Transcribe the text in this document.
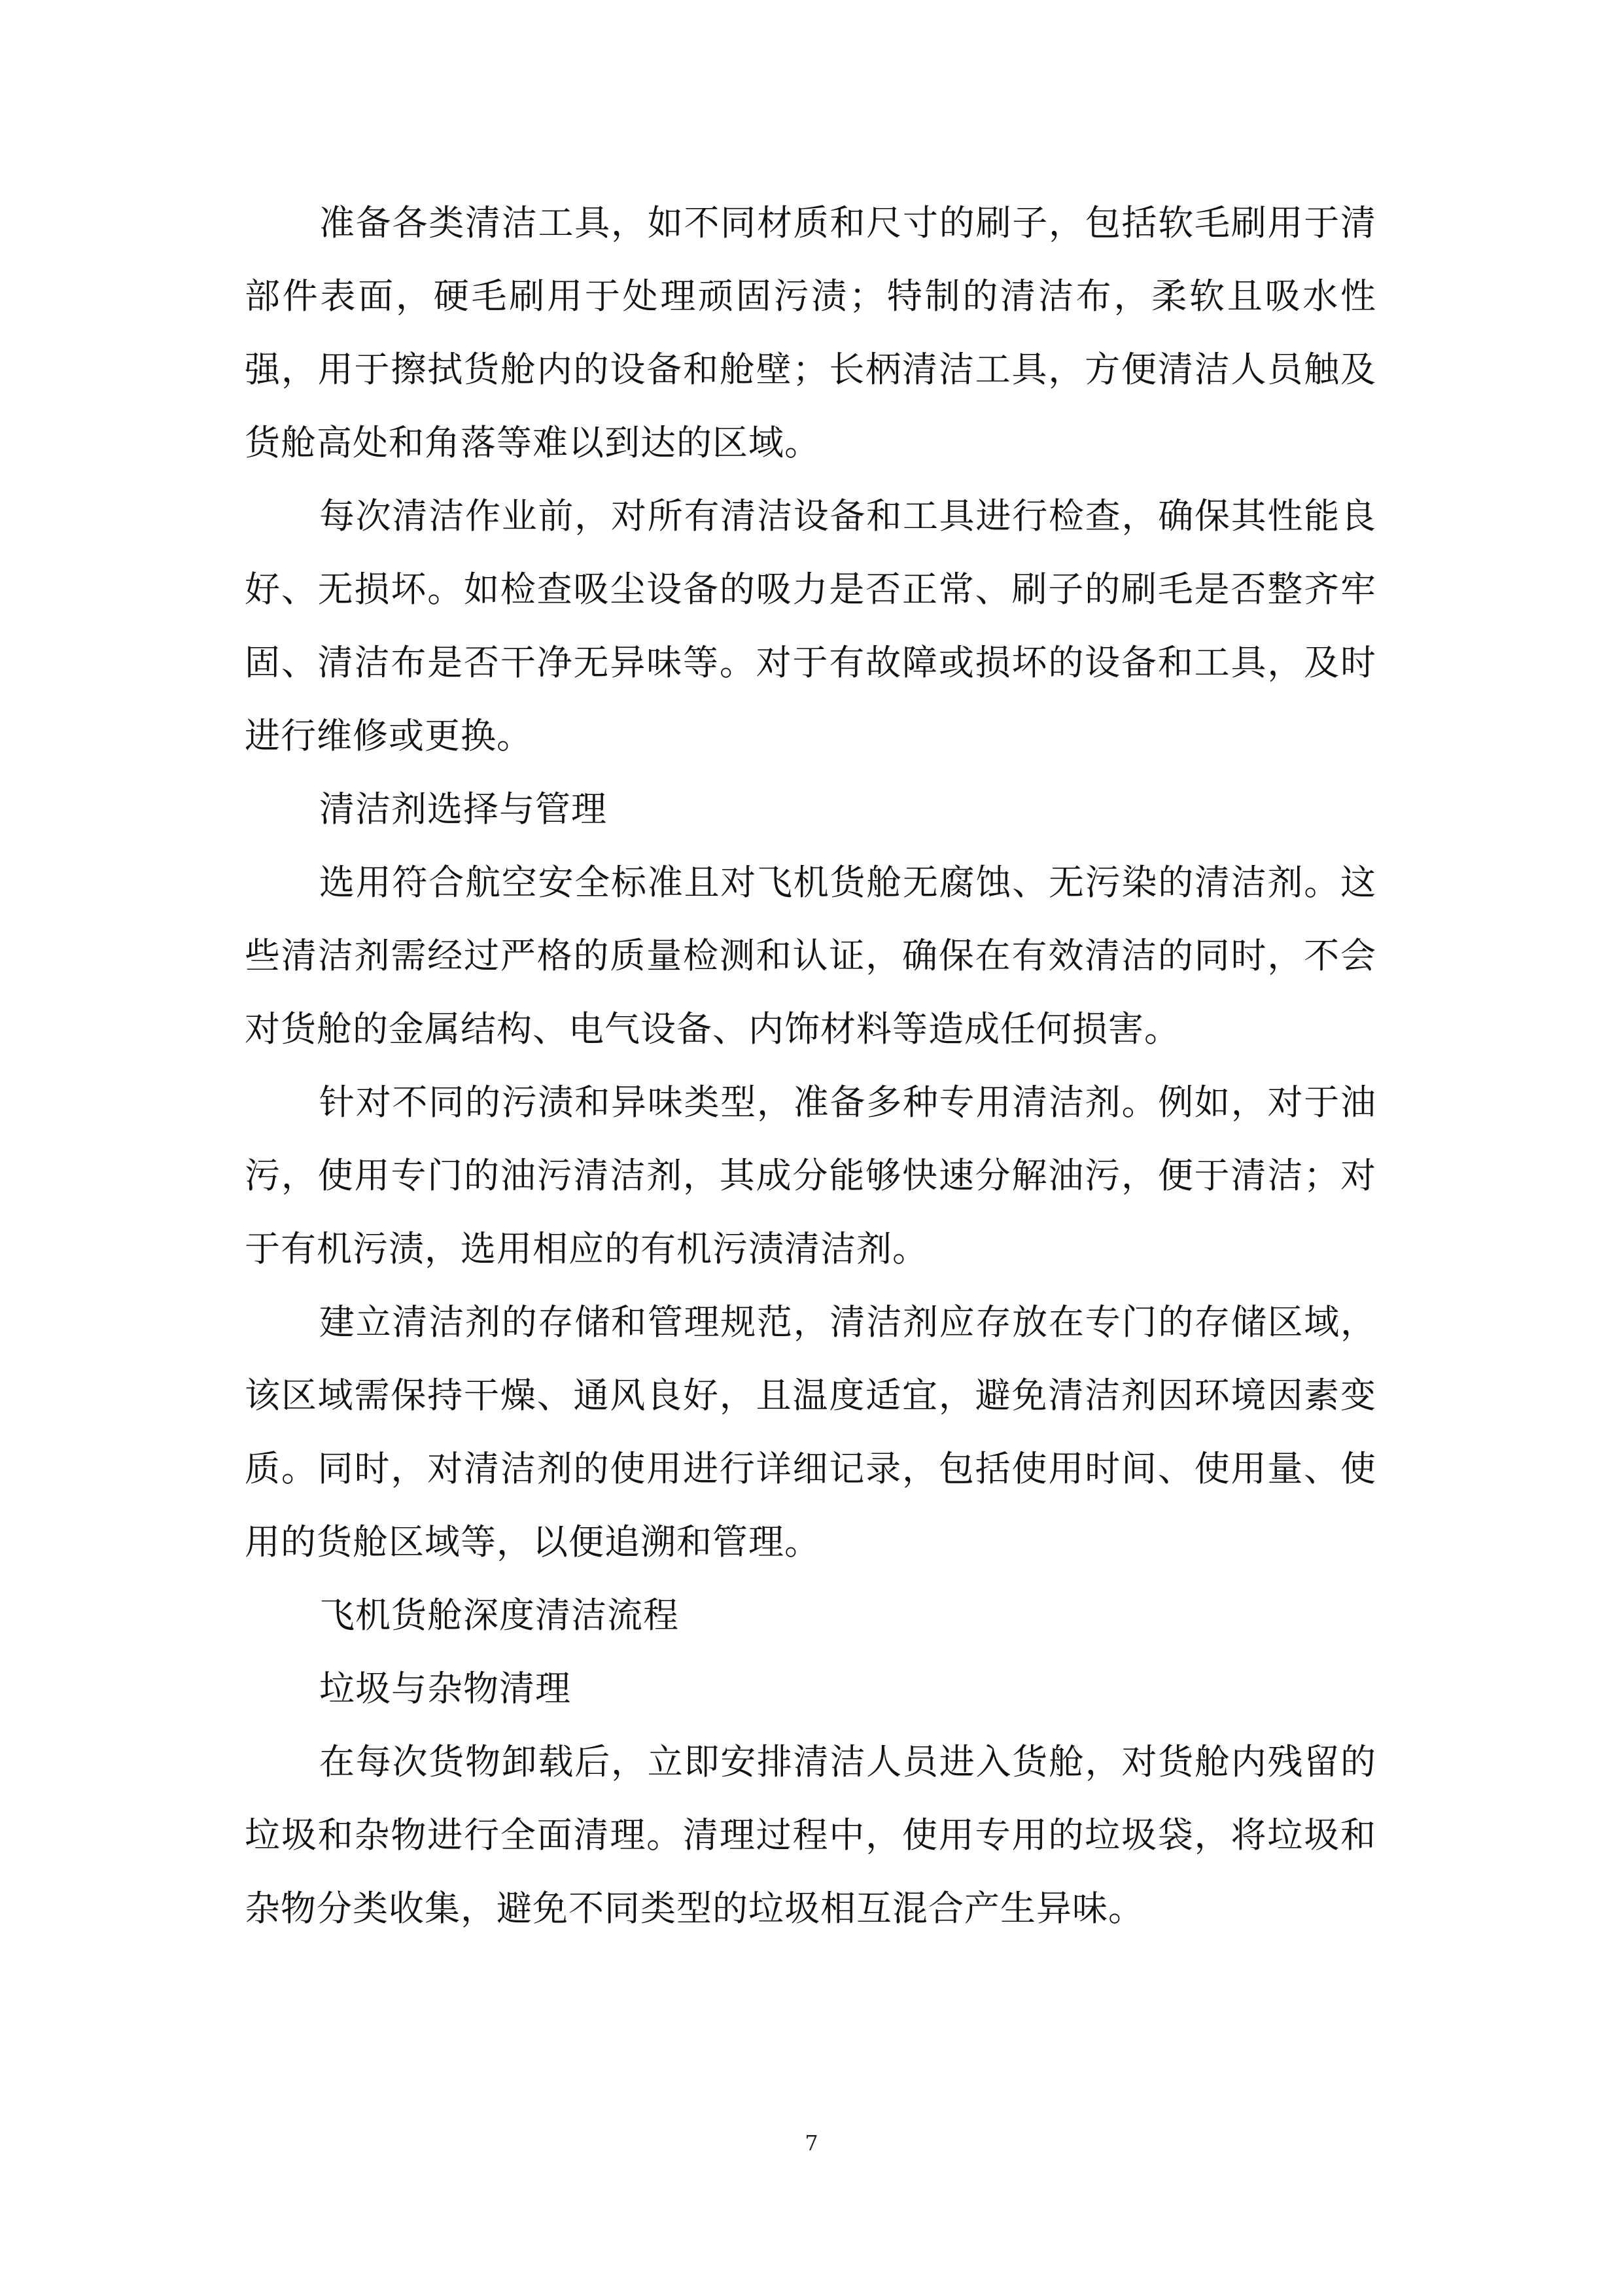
准备各类清洁工具，如不同材质和尺寸的刷子，包括软毛刷用于清部件表面，硬毛刷用于处理顽固污渍；特制的清洁布，柔软且吸水性强，用于擦拭货舱内的设备和舱壁；长柄清洁工具，方便清洁人员触及货舱高处和角落等难以到达的区域。

每次清洁作业前，对所有清洁设备和工具进行检查，确保其性能良好、无损坏。如检查吸尘设备的吸力是否正常、刷子的刷毛是否整齐牢固、清洁布是否干净无异味等。对于有故障或损坏的设备和工具，及时进行维修或更换。

清洁剂选择与管理

选用符合航空安全标准且对飞机货舱无腐蚀、无污染的清洁剂。这些清洁剂需经过严格的质量检测和认证，确保在有效清洁的同时，不会对货舱的金属结构、电气设备、内饰材料等造成任何损害。

针对不同的污渍和异味类型，准备多种专用清洁剂。例如，对于油污，使用专门的油污清洁剂，其成分能够快速分解油污，便于清洁；对于有机污渍，选用相应的有机污渍清洁剂。

建立清洁剂的存储和管理规范，清洁剂应存放在专门的存储区域，该区域需保持干燥、通风良好，且温度适宜，避免清洁剂因环境因素变质。同时，对清洁剂的使用进行详细记录，包括使用时间、使用量、使用的货舱区域等，以便追溯和管理。

飞机货舱深度清洁流程

垃圾与杂物清理

在每次货物卸载后，立即安排清洁人员进入货舱，对货舱内残留的垃圾和杂物进行全面清理。清理过程中，使用专用的垃圾袋，将垃圾和杂物分类收集，避免不同类型的垃圾相互混合产生异味。

7
